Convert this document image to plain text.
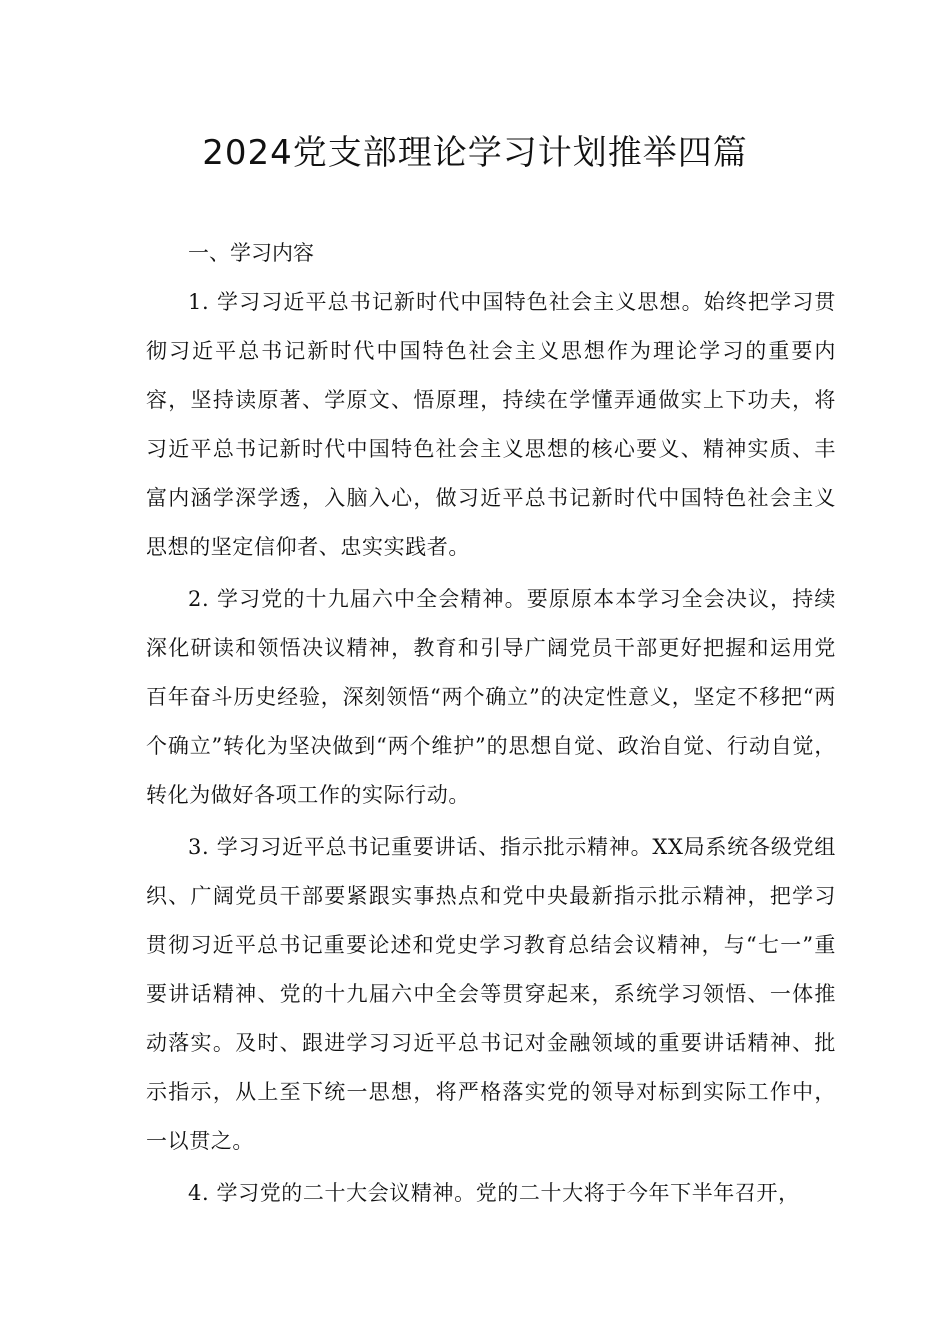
2024党支部理论学习计划推举四篇

一、学习内容

1. 学习习近平总书记新时代中国特色社会主义思想。始终把学习贯彻习近平总书记新时代中国特色社会主义思想作为理论学习的重要内容，坚持读原著、学原文、悟原理，持续在学懂弄通做实上下功夫，将习近平总书记新时代中国特色社会主义思想的核心要义、精神实质、丰富内涵学深学透，入脑入心，做习近平总书记新时代中国特色社会主义思想的坚定信仰者、忠实实践者。

2. 学习党的十九届六中全会精神。要原原本本学习全会决议，持续深化研读和领悟决议精神，教育和引导广阔党员干部更好把握和运用党百年奋斗历史经验，深刻领悟“两个确立”的决定性意义，坚定不移把“两个确立”转化为坚决做到“两个维护”的思想自觉、政治自觉、行动自觉，转化为做好各项工作的实际行动。

3. 学习习近平总书记重要讲话、指示批示精神。XX局系统各级党组织、广阔党员干部要紧跟实事热点和党中央最新指示批示精神，把学习贯彻习近平总书记重要论述和党史学习教育总结会议精神，与“七一”重要讲话精神、党的十九届六中全会等贯穿起来，系统学习领悟、一体推动落实。及时、跟进学习习近平总书记对金融领域的重要讲话精神、批示指示，从上至下统一思想，将严格落实党的领导对标到实际工作中，一以贯之。

4. 学习党的二十大会议精神。党的二十大将于今年下半年召开，
